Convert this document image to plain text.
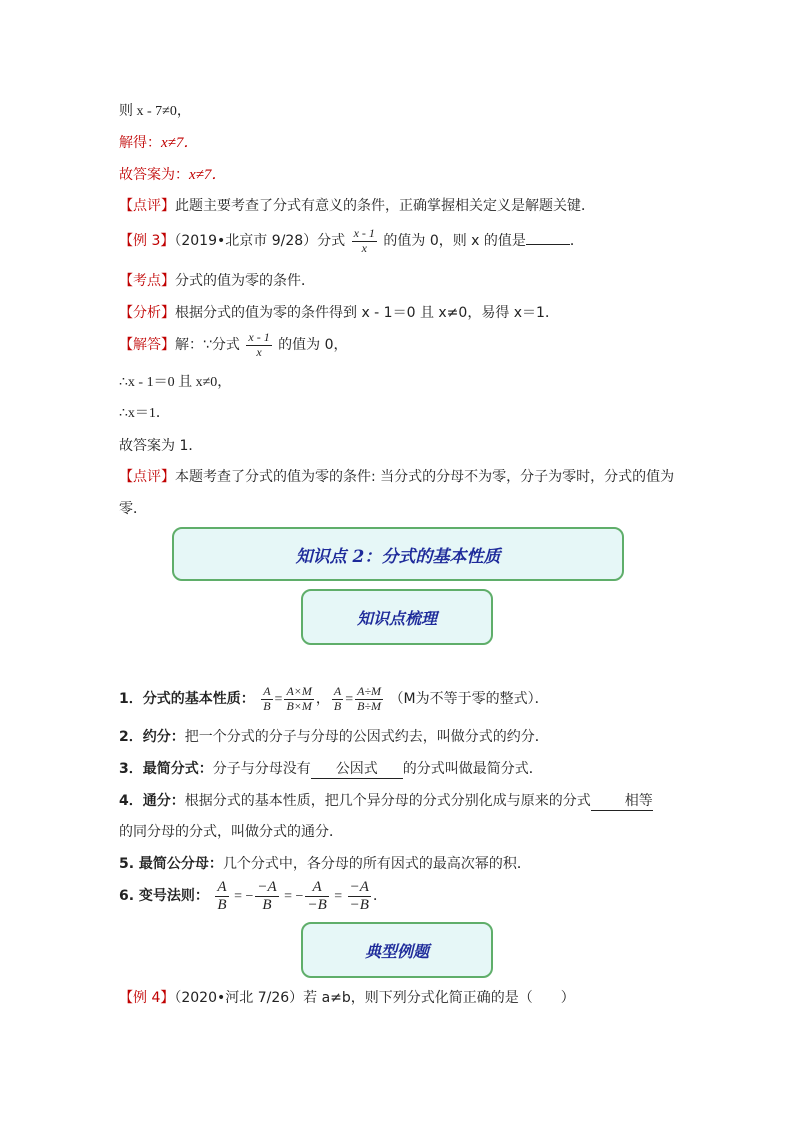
则 x - 7≠0，
解得：x≠7．
故答案为：x≠7．
【点评】此题主要考查了分式有意义的条件，正确掌握相关定义是解题关键．
【例 3】（2019•北京市 9/28）分式 $\frac{x - 1}{x}$ 的值为 0，则 x 的值是	．
【考点】分式的值为零的条件．
【分析】根据分式的值为零的条件得到 x - 1＝0 且 x≠0，易得 x＝1．
【解答】解：∵分式 $\frac{x - 1}{x}$ 的值为 0，
∴x - 1＝0 且 x≠0，
∴x＝1．
故答案为 1．
【点评】本题考查了分式的值为零的条件: 当分式的分母不为零，分子为零时，分式的值为
零．
知识点 2：分式的基本性质
知识点梳理
1．分式的基本性质： $\frac{A}{B} = \frac{A\times M}{B\times M}$ ， $\frac{A}{B} = \frac{A\div M}{B\div M} (M$为不等于零的整式）．
2．约分：把一个分式的分子与分母的公因式约去，叫做分式的约分．
3．最简分式：分子与分母没有 公因式 的分式叫做最简分式．
4．通分：根据分式的基本性质，把几个异分母的分式分别化成与原来的分式 相等
的同分母的分式，叫做分式的通分．
5. 最简公分母：几个分式中，各分母的所有因式的最高次幂的积．
6. 变号法则： $\frac{A}{B}$ = − $\frac{-A}{B}$ = − $\frac{A}{-B} = \frac{-A}{-B}$ ．
典型例题
【例 4】（2020•河北 7/26）若 a≠b，则下列分式化简正确的是（　　）
